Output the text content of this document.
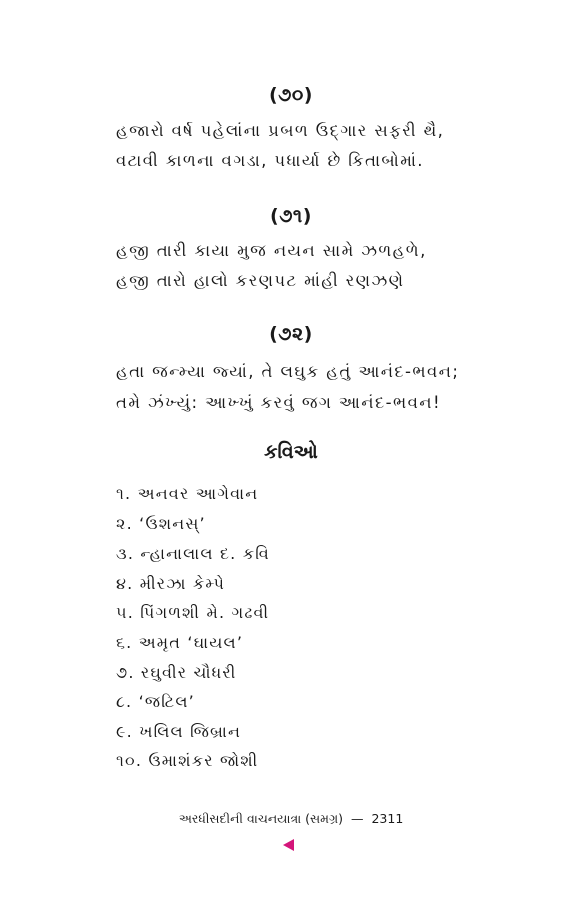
(૭૦)
હજારો વર્ષ પહેલાંના પ્રબળ ઉદ્‌ગાર સફરી થૈ,
વટાવી કાળના વગડા, પધાર્યા છે કિતાબોમાં.
(૭૧)
હજી તારી કાયા મુજ નયન સામે ઝળહળે,
હજી તારો હાલો કરણપટ માંહી રણઝણે
(૭૨)
હતા જન્મ્યા જ્યાં, તે લઘુક હતું આનંદ-ભવન;
તમે ઝંખ્યું: આખ્ખું કરવું જગ આનંદ-ભવન!
કવિઓ
૧. અનવર આગેવાન
૨. ‘ઉશનસ્’
૩. ન્હાનાલાલ દ. કવિ
૪. મીરઝા કેમ્પે
૫. પિંગળશી મે. ગઢવી
૬. અમૃત ‘ઘાયલ’
૭. રઘુવીર ચૌધરી
૮. ‘જટિલ’
૯. ખલિલ જિબ્રાન
૧૦. ઉમાશંકર જોશી
અરધીસદીની વાચનયાત્રા (સમગ્ર) — 2311
